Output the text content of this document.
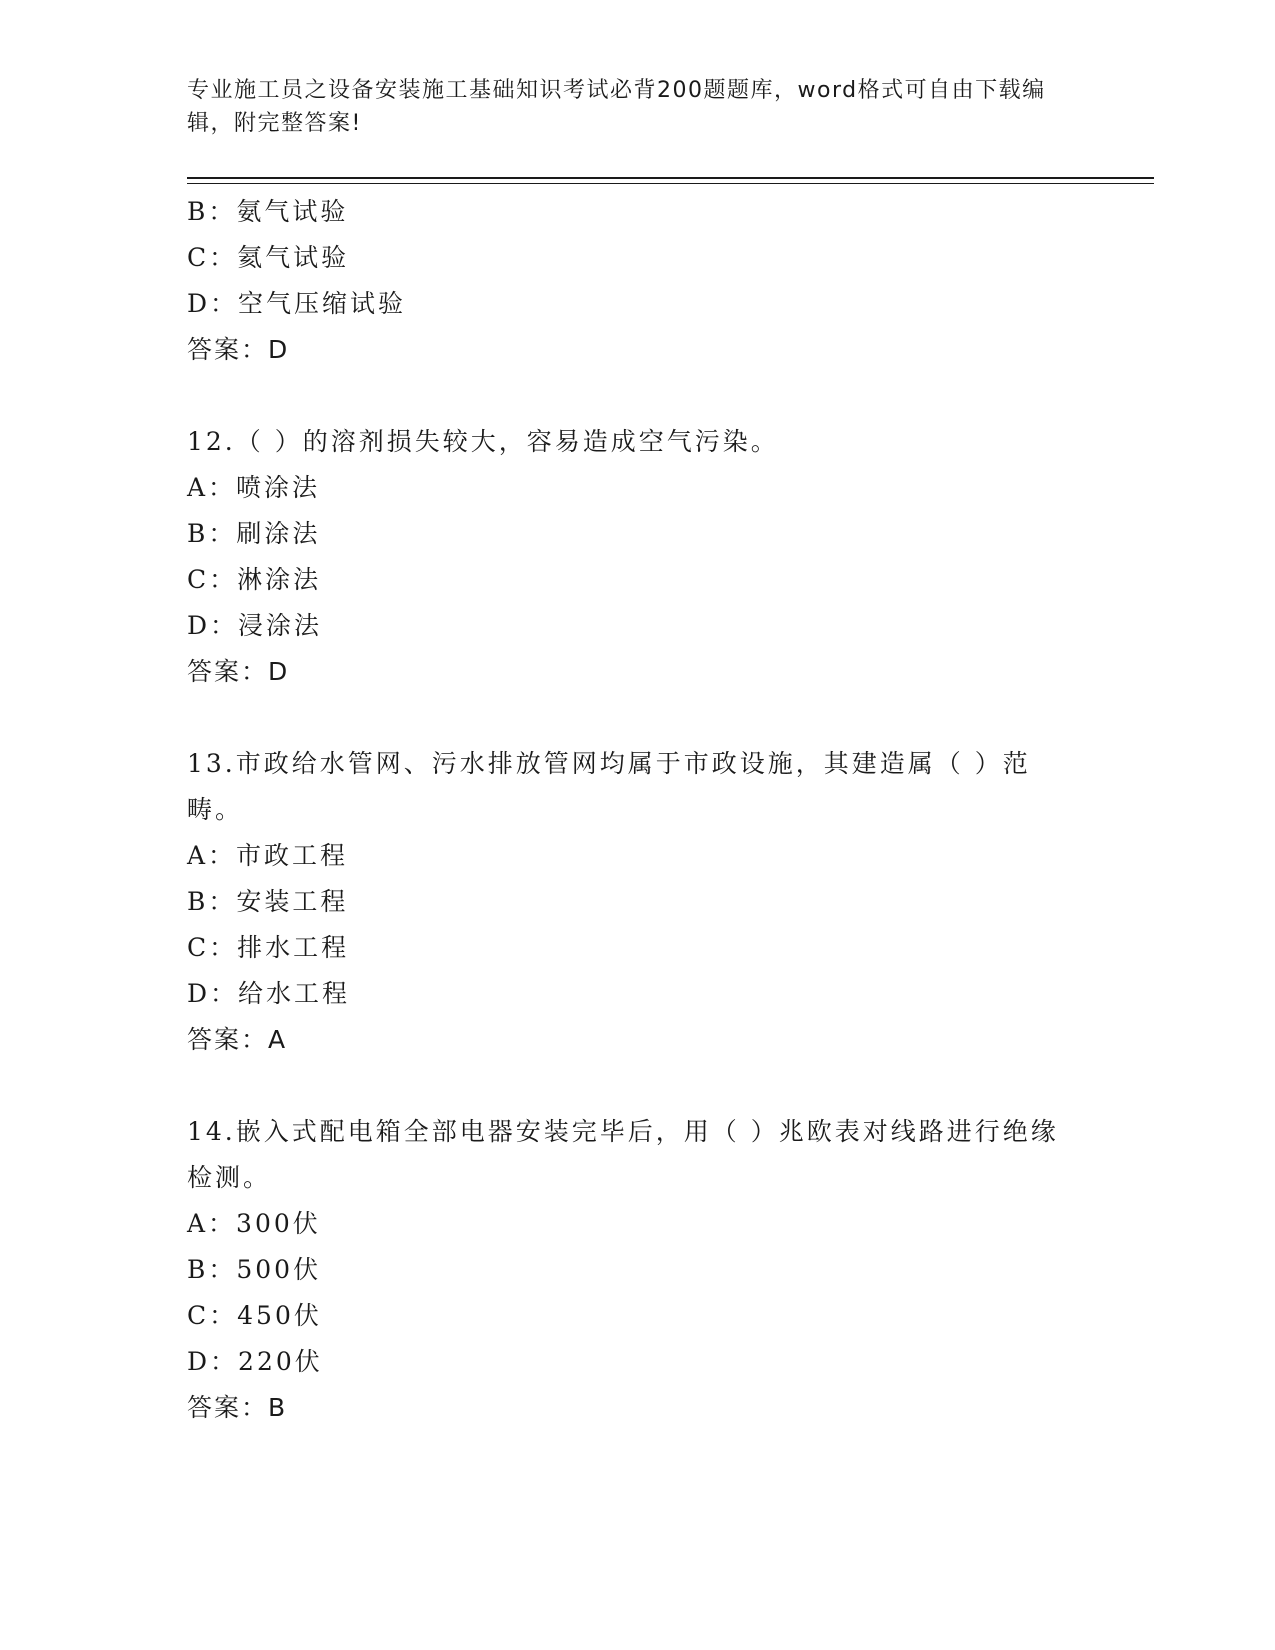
专业施工员之设备安装施工基础知识考试必背200题题库，word格式可自由下载编辑，附完整答案!
B：氨气试验
C：氦气试验
D：空气压缩试验
答案：D
12.（ ）的溶剂损失较大，容易造成空气污染。
A：喷涂法
B：刷涂法
C：淋涂法
D：浸涂法
答案：D
13.市政给水管网、污水排放管网均属于市政设施，其建造属（ ）范畴。
A：市政工程
B：安装工程
C：排水工程
D：给水工程
答案：A
14.嵌入式配电箱全部电器安装完毕后，用（ ）兆欧表对线路进行绝缘检测。
A：300伏
B：500伏
C：450伏
D：220伏
答案：B
